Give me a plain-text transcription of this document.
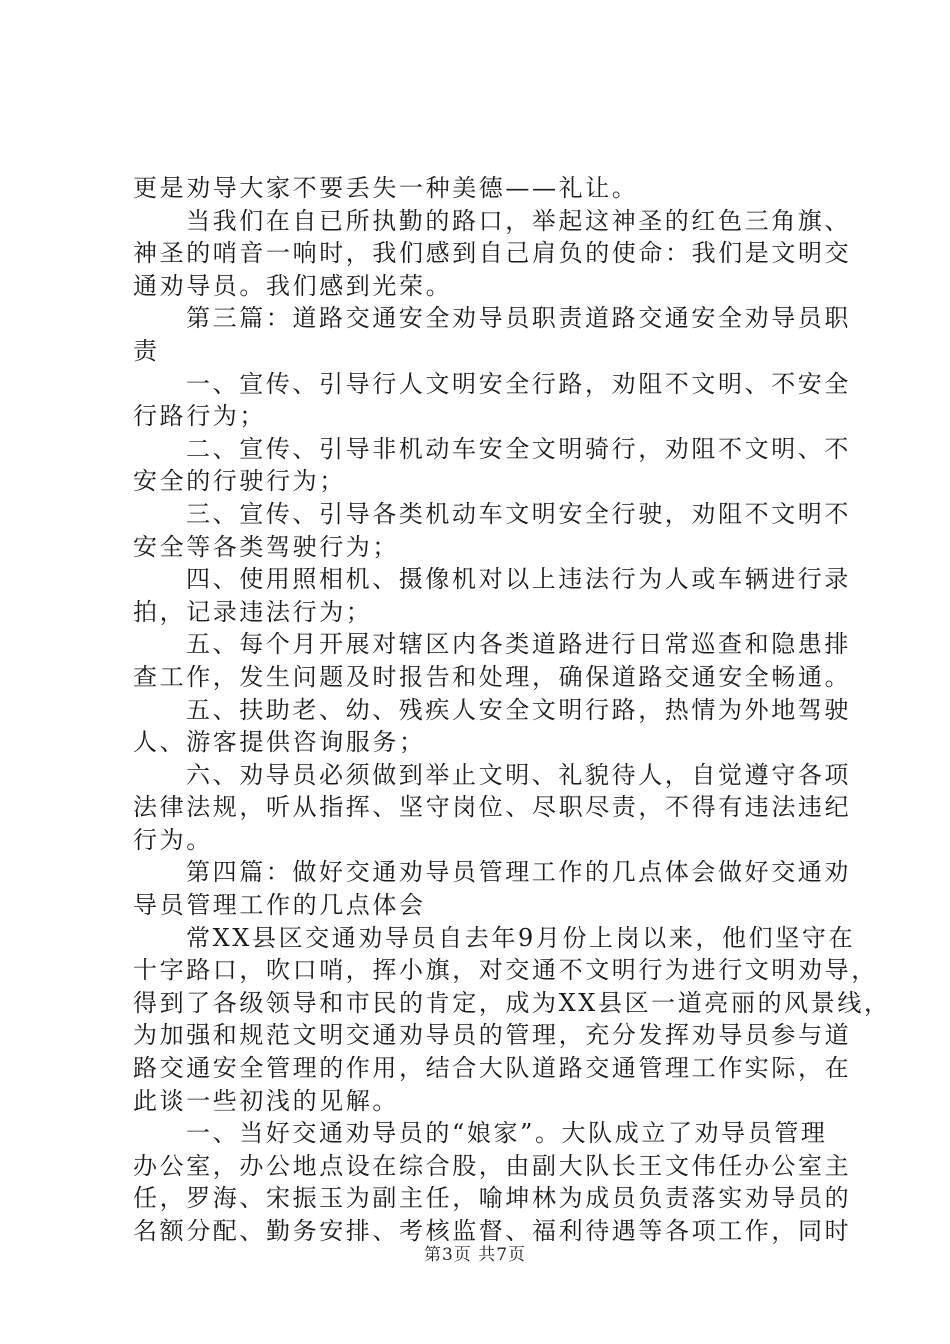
更是劝导大家不要丢失一种美德——礼让。
当我们在自已所执勤的路口，举起这神圣的红色三角旗、
神圣的哨音一响时，我们感到自己肩负的使命：我们是文明交
通劝导员。我们感到光荣。
第三篇：道路交通安全劝导员职责道路交通安全劝导员职
责
一、宣传、引导行人文明安全行路，劝阻不文明、不安全
行路行为；
二、宣传、引导非机动车安全文明骑行，劝阻不文明、不
安全的行驶行为；
三、宣传、引导各类机动车文明安全行驶，劝阻不文明不
安全等各类驾驶行为；
四、使用照相机、摄像机对以上违法行为人或车辆进行录
拍，记录违法行为；
五、每个月开展对辖区内各类道路进行日常巡查和隐患排
查工作，发生问题及时报告和处理，确保道路交通安全畅通。
五、扶助老、幼、残疾人安全文明行路，热情为外地驾驶
人、游客提供咨询服务；
六、劝导员必须做到举止文明、礼貌待人，自觉遵守各项
法律法规，听从指挥、坚守岗位、尽职尽责，不得有违法违纪
行为。
第四篇：做好交通劝导员管理工作的几点体会做好交通劝
导员管理工作的几点体会
常XX县区交通劝导员自去年9月份上岗以来，他们坚守在
十字路口，吹口哨，挥小旗，对交通不文明行为进行文明劝导，
得到了各级领导和市民的肯定，成为XX县区一道亮丽的风景线，
为加强和规范文明交通劝导员的管理，充分发挥劝导员参与道
路交通安全管理的作用，结合大队道路交通管理工作实际，在
此谈一些初浅的见解。
一、当好交通劝导员的“娘家”。大队成立了劝导员管理
办公室，办公地点设在综合股，由副大队长王文伟任办公室主
任，罗海、宋振玉为副主任，喻坤林为成员负责落实劝导员的
名额分配、勤务安排、考核监督、福利待遇等各项工作，同时
第3页 共7页
